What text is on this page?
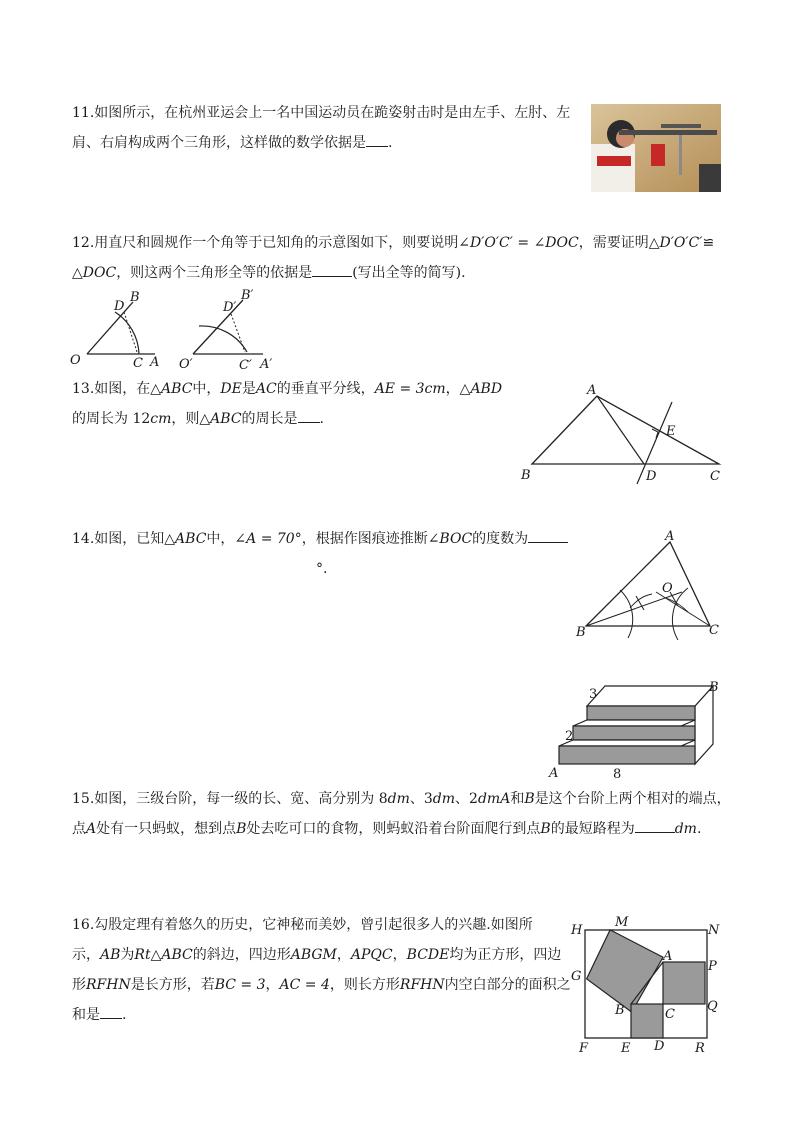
11.如图所示，在杭州亚运会上一名中国运动员在跪姿射击时是由左手、左肘、左

肩、右肩构成两个三角形，这样做的数学依据是 .

12.用直尺和圆规作一个角等于已知角的示意图如下，则要说明∠D′O′C′ = ∠DOC，需要证明△D′O′C′≌

△DOC，则这两个三角形全等的依据是	(写出全等的简写).

O	C A
D
B
O′	C′ A′
D′
B′

13.如图，在△ABC中，DE是AC的垂直平分线，AE = 3cm，△ABD

的周长为 12cm，则△ABC的周长是 .

A
B	C
D
E

14.如图，已知△ABC中，∠A = 70°，根据作图痕迹推断∠BOC的度数为

°.

A
B	C
O
3
2
8
A
B

15.如图，三级台阶，每一级的长、宽、高分别为 8dm、3dm、2dmA和B是这个台阶上两个相对的端点，

点A处有一只蚂蚁，想到点B处去吃可口的食物，则蚂蚁沿着台阶面爬行到点B的最短路程为	dm.

16.勾股定理有着悠久的历史，它神秘而美妙，曾引起很多人的兴趣.如图所

示，AB为Rt△ABC的斜边，四边形ABGM，APQC，BCDE均为正方形，四边

形RFHN是长方形，若BC = 3，AC = 4，则长方形RFHN内空白部分的面积之

和是 .

H
M
N
G
A
P
Q
B	C
F	E D R
